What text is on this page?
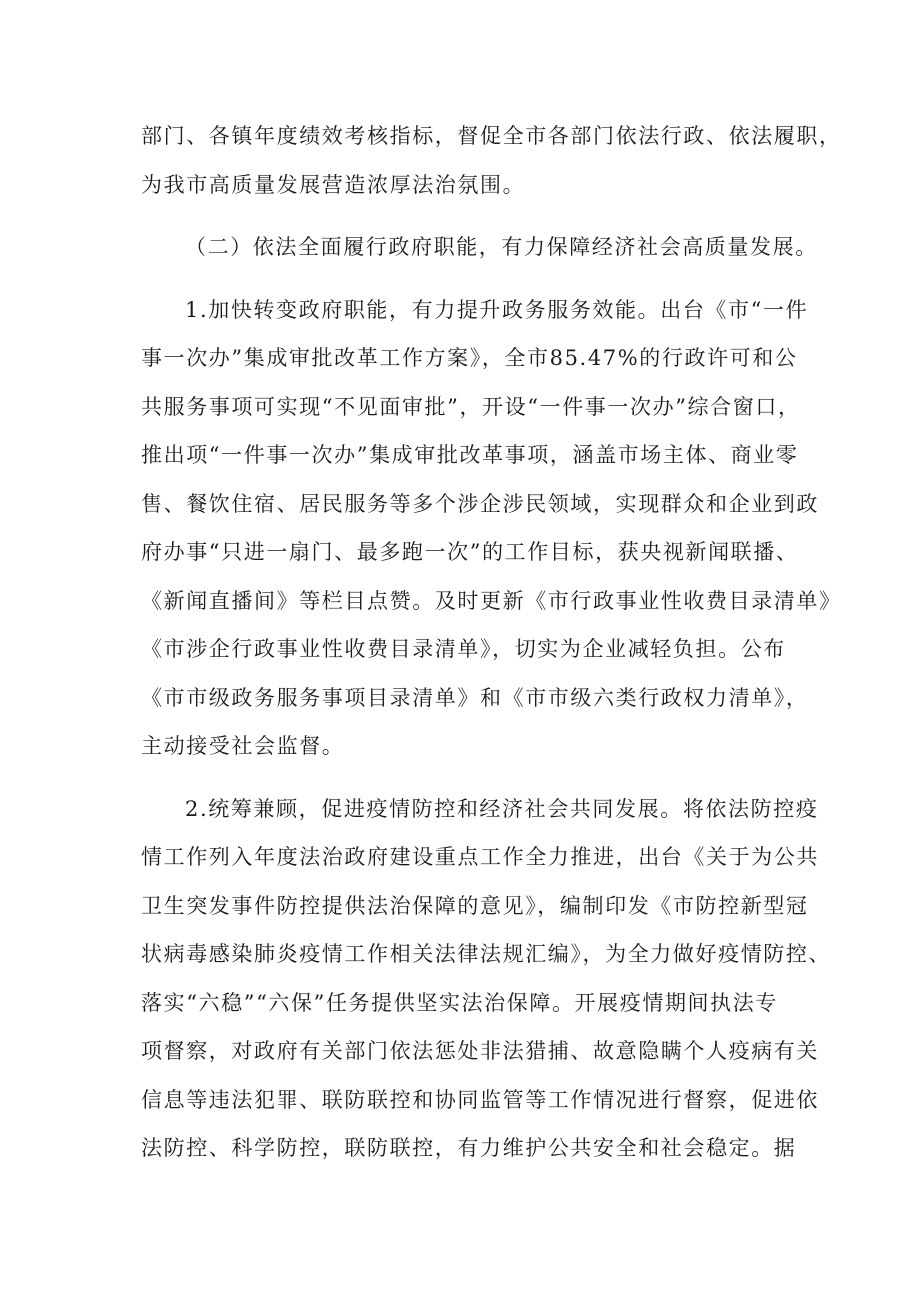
部门、各镇年度绩效考核指标，督促全市各部门依法行政、依法履职，
为我市高质量发展营造浓厚法治氛围。
（二）依法全面履行政府职能，有力保障经济社会高质量发展。
1.加快转变政府职能，有力提升政务服务效能。出台《市“一件
事一次办”集成审批改革工作方案》，全市85.47%的行政许可和公
共服务事项可实现“不见面审批”，开设“一件事一次办”综合窗口，
推出项“一件事一次办”集成审批改革事项，涵盖市场主体、商业零
售、餐饮住宿、居民服务等多个涉企涉民领域，实现群众和企业到政
府办事“只进一扇门、最多跑一次”的工作目标，获央视新闻联播、
《新闻直播间》等栏目点赞。及时更新《市行政事业性收费目录清单》
《市涉企行政事业性收费目录清单》，切实为企业减轻负担。公布
《市市级政务服务事项目录清单》和《市市级六类行政权力清单》，
主动接受社会监督。
2.统筹兼顾，促进疫情防控和经济社会共同发展。将依法防控疫
情工作列入年度法治政府建设重点工作全力推进，出台《关于为公共
卫生突发事件防控提供法治保障的意见》，编制印发《市防控新型冠
状病毒感染肺炎疫情工作相关法律法规汇编》，为全力做好疫情防控、
落实“六稳”“六保”任务提供坚实法治保障。开展疫情期间执法专
项督察，对政府有关部门依法惩处非法猎捕、故意隐瞒个人疫病有关
信息等违法犯罪、联防联控和协同监管等工作情况进行督察，促进依
法防控、科学防控，联防联控，有力维护公共安全和社会稳定。据
